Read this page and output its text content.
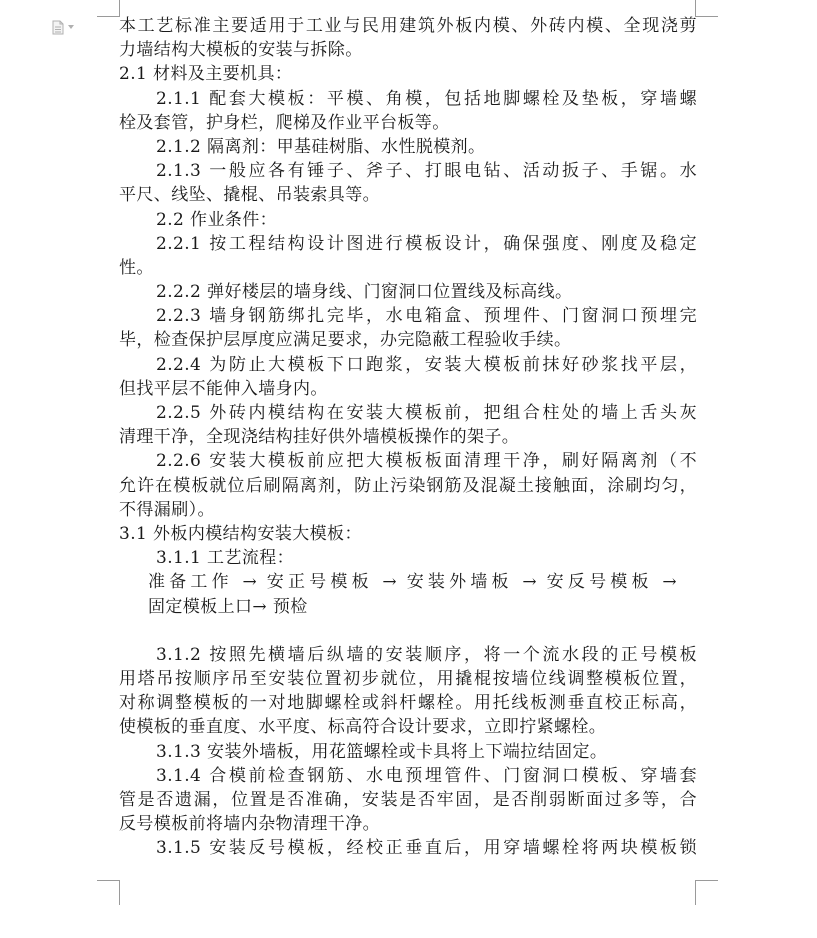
本工艺标准主要适用于工业与民用建筑外板内模、外砖内模、全现浇剪
力墙结构大模板的安装与拆除。
2.1 材料及主要机具：
2.1.1 配套大模板：平模、角模，包括地脚螺栓及垫板，穿墙螺
栓及套管，护身栏，爬梯及作业平台板等。
2.1.2 隔离剂：甲基硅树脂、水性脱模剂。
2.1.3 一般应各有锤子、斧子、打眼电钻、活动扳子、手锯。水
平尺、线坠、撬棍、吊装索具等。
2.2 作业条件：
2.2.1 按工程结构设计图进行模板设计，确保强度、刚度及稳定
性。
2.2.2 弹好楼层的墙身线、门窗洞口位置线及标高线。
2.2.3 墙身钢筋绑扎完毕，水电箱盒、预埋件、门窗洞口预埋完
毕，检查保护层厚度应满足要求，办完隐蔽工程验收手续。
2.2.4 为防止大模板下口跑浆，安装大模板前抹好砂浆找平层，
但找平层不能伸入墙身内。
2.2.5 外砖内模结构在安装大模板前，把组合柱处的墙上舌头灰
清理干净，全现浇结构挂好供外墙模板操作的架子。
2.2.6 安装大模板前应把大模板板面清理干净，刷好隔离剂（不
允许在模板就位后刷隔离剂，防止污染钢筋及混凝土接触面，涂刷均匀，
不得漏刷）。
3.1 外板内模结构安装大模板：
3.1.1 工艺流程：
准备工作 → 安正号模板 → 安装外墙板 → 安反号模板 →
固定模板上口→ 预检
3.1.2 按照先横墙后纵墙的安装顺序，将一个流水段的正号模板
用塔吊按顺序吊至安装位置初步就位，用撬棍按墙位线调整模板位置，
对称调整模板的一对地脚螺栓或斜杆螺栓。用托线板测垂直校正标高，
使模板的垂直度、水平度、标高符合设计要求，立即拧紧螺栓。
3.1.3 安装外墙板，用花篮螺栓或卡具将上下端拉结固定。
3.1.4 合模前检查钢筋、水电预埋管件、门窗洞口模板、穿墙套
管是否遗漏，位置是否准确，安装是否牢固，是否削弱断面过多等，合
反号模板前将墙内杂物清理干净。
3.1.5 安装反号模板，经校正垂直后，用穿墙螺栓将两块模板锁
